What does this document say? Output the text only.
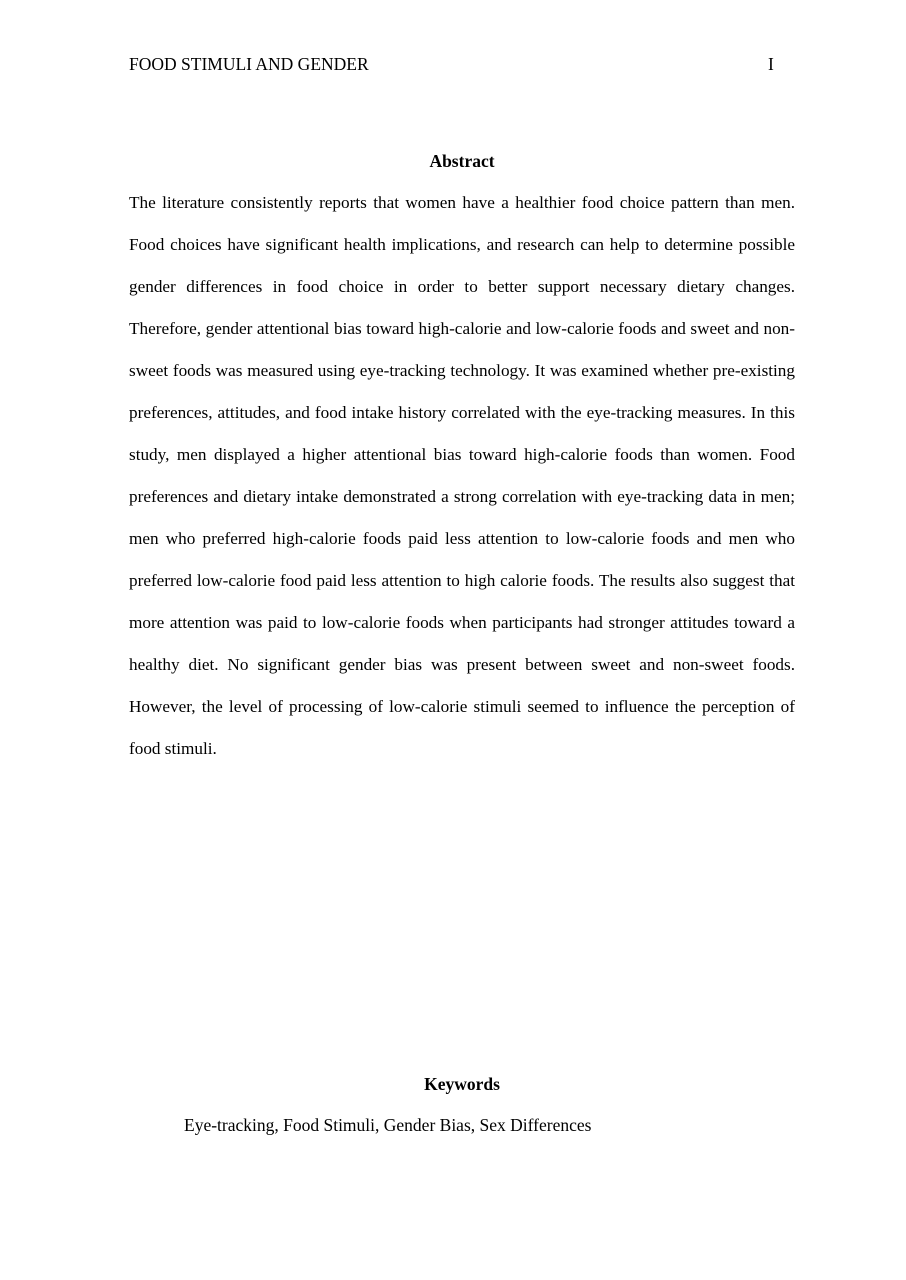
FOOD STIMULI AND GENDER	I
Abstract

The literature consistently reports that women have a healthier food choice pattern than men. Food choices have significant health implications, and research can help to determine possible gender differences in food choice in order to better support necessary dietary changes. Therefore, gender attentional bias toward high-calorie and low-calorie foods and sweet and non-sweet foods was measured using eye-tracking technology. It was examined whether pre-existing preferences, attitudes, and food intake history correlated with the eye-tracking measures. In this study, men displayed a higher attentional bias toward high-calorie foods than women. Food preferences and dietary intake demonstrated a strong correlation with eye-tracking data in men; men who preferred high-calorie foods paid less attention to low-calorie foods and men who preferred low-calorie food paid less attention to high calorie foods. The results also suggest that more attention was paid to low-calorie foods when participants had stronger attitudes toward a healthy diet. No significant gender bias was present between sweet and non-sweet foods. However, the level of processing of low-calorie stimuli seemed to influence the perception of food stimuli.

Keywords
Eye-tracking, Food Stimuli, Gender Bias, Sex Differences
